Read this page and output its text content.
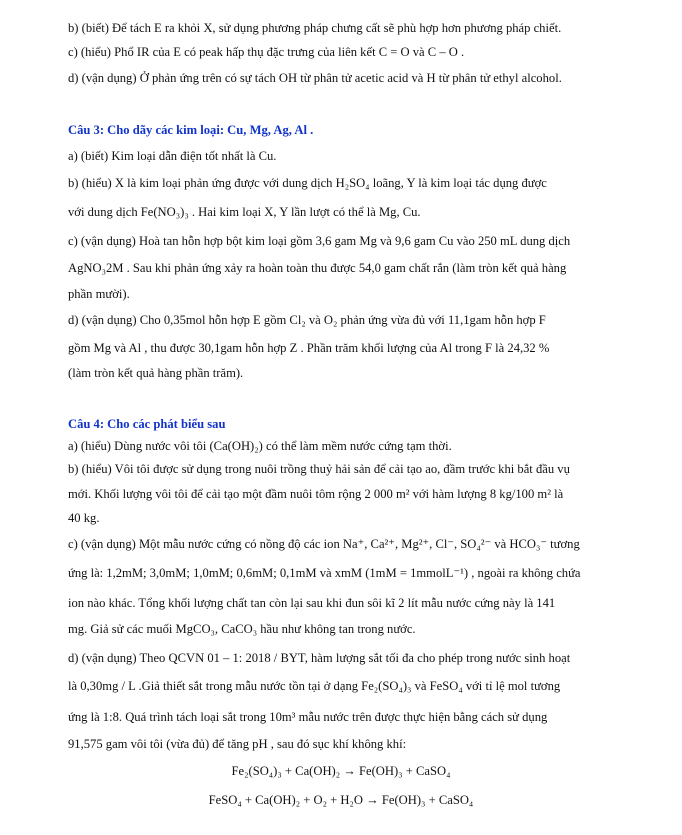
b) (biết) Để tách E ra khỏi X, sử dụng phương pháp chưng cất sẽ phù hợp hơn phương pháp chiết.
c) (hiểu) Phổ IR của E có peak hấp thụ đặc trưng của liên kết C = O và C – O .
d) (vận dụng) Ở phản ứng trên có sự tách OH từ phân tử acetic acid và H từ phân tử ethyl alcohol.
Câu 3: Cho dãy các kim loại: Cu, Mg, Ag, Al .
a) (biết) Kim loại dẫn điện tốt nhất là Cu.
b) (hiểu) X là kim loại phản ứng được với dung dịch H₂SO₄ loãng, Y là kim loại tác dụng được
với dung dịch Fe(NO₃)₃ . Hai kim loại X, Y lần lượt có thể là Mg, Cu.
c) (vận dụng) Hoà tan hỗn hợp bột kim loại gồm 3,6 gam Mg và 9,6 gam Cu vào 250 mL dung dịch
AgNO₃2M . Sau khi phản ứng xảy ra hoàn toàn thu được 54,0 gam chất rắn (làm tròn kết quả hàng
phần mười).
d) (vận dụng) Cho 0,35mol hỗn hợp E gồm Cl₂ và O₂ phản ứng vừa đủ với 11,1gam hỗn hợp F
gồm Mg và Al , thu được 30,1gam hỗn hợp Z . Phần trăm khối lượng của Al trong F là 24,32 %
(làm tròn kết quả hàng phần trăm).
Câu 4: Cho các phát biểu sau
a) (hiểu) Dùng nước vôi tôi (Ca(OH)₂) có thể làm mềm nước cứng tạm thời.
b) (hiểu) Vôi tôi được sử dụng trong nuôi trồng thuỷ hải sản để cải tạo ao, đầm trước khi bắt đầu vụ
mới. Khối lượng vôi tôi để cải tạo một đầm nuôi tôm rộng 2 000 m² với hàm lượng 8 kg/100 m² là
40 kg.
c) (vận dụng) Một mẫu nước cứng có nồng độ các ion Na⁺, Ca²⁺, Mg²⁺, Cl⁻, SO₄²⁻ và HCO₃⁻ tương
ứng là: 1,2mM; 3,0mM; 1,0mM; 0,6mM; 0,1mM và xmM (1mM = 1mmolL⁻¹) , ngoài ra không chứa
ion nào khác. Tổng khối lượng chất tan còn lại sau khi đun sôi kĩ 2 lít mẫu nước cứng này là 141
mg. Giả sử các muối MgCO₃, CaCO₃ hầu như không tan trong nước.
d) (vận dụng) Theo QCVN 01 – 1: 2018 / BYT, hàm lượng sắt tối đa cho phép trong nước sinh hoạt
là 0,30mg / L .Giả thiết sắt trong mẫu nước tồn tại ở dạng Fe₂(SO₄)₃ và FeSO₄ với tỉ lệ mol tương
ứng là 1:8. Quá trình tách loại sắt trong 10m³ mẫu nước trên được thực hiện bằng cách sử dụng
91,575 gam vôi tôi (vừa đủ) để tăng pH , sau đó sục khí không khí:
Fe₂(SO₄)₃ + Ca(OH)₂ → Fe(OH)₃ + CaSO₄
FeSO₄ + Ca(OH)₂ + O₂ + H₂O → Fe(OH)₃ + CaSO₄
